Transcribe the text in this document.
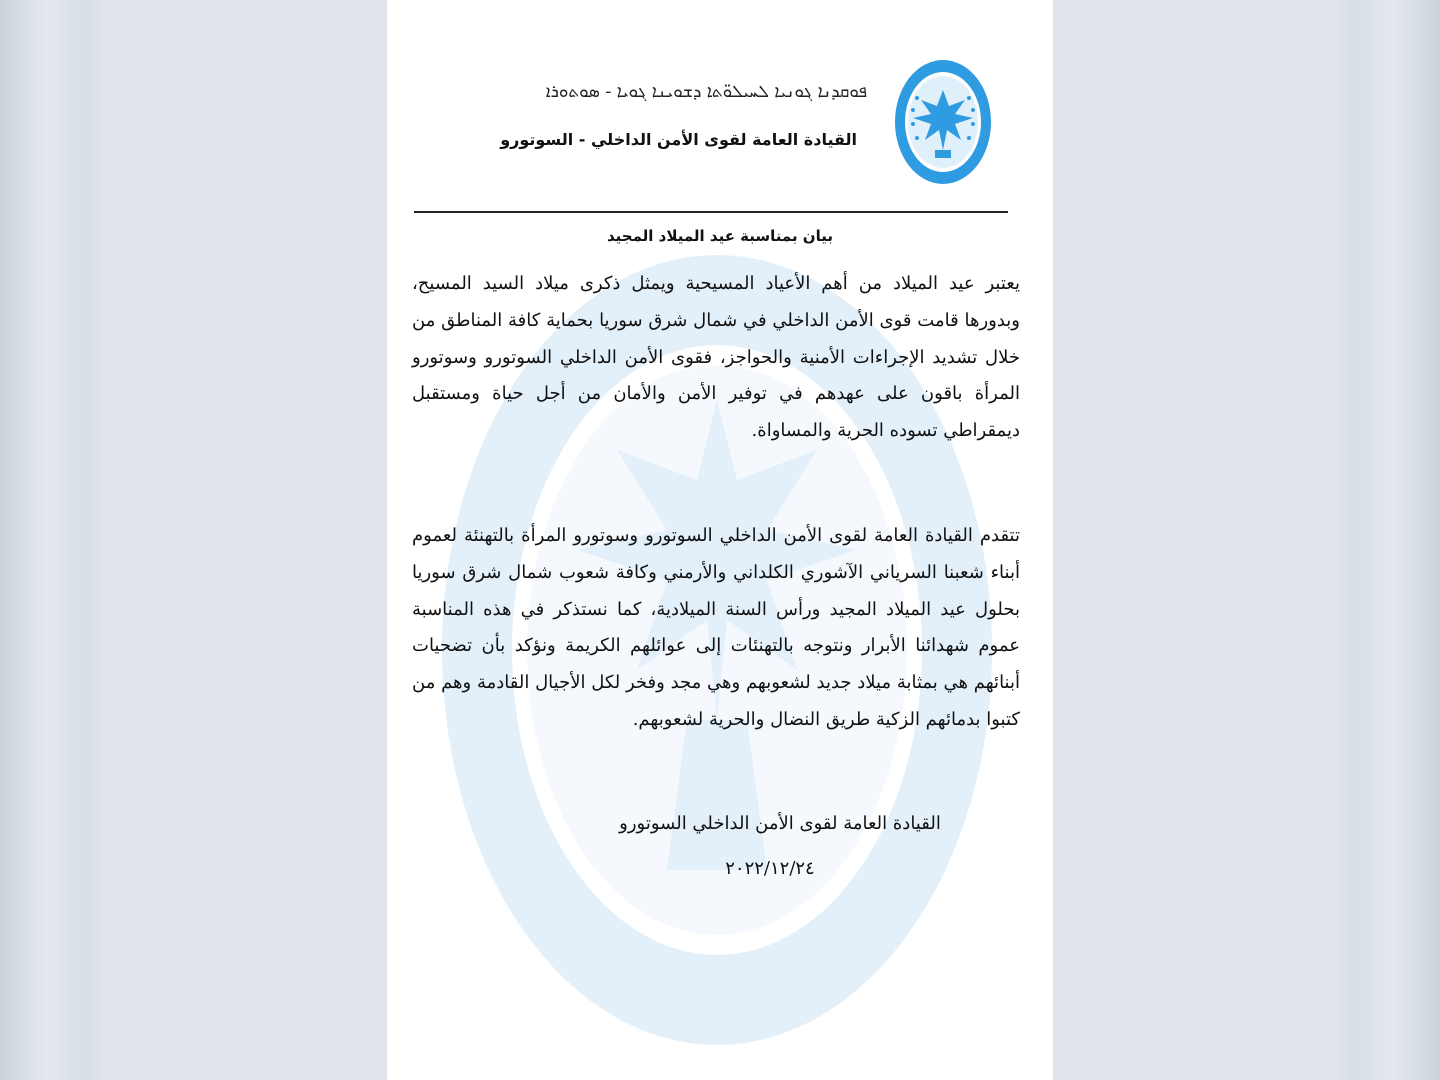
ܦܘܩܕܢܐ ܓܘܢܝܐ ܠܚܝܠܘ̈ܬܐ ܕܫܘܝܢܐ ܓܘܝܐ - ܣܘܬܘܪܐ
القيادة العامة لقوى الأمن الداخلي - السوتورو
بيان بمناسبة عيد الميلاد المجيد
يعتبر عيد الميلاد من أهم الأعياد المسيحية ويمثل ذكرى ميلاد السيد المسيح، وبدورها قامت قوى الأمن الداخلي في شمال شرق سوريا بحماية كافة المناطق من خلال تشديد الإجراءات الأمنية والحواجز، فقوى الأمن الداخلي السوتورو وسوتورو المرأة باقون على عهدهم في توفير الأمن والأمان من أجل حياة ومستقبل ديمقراطي تسوده الحرية والمساواة.
تتقدم القيادة العامة لقوى الأمن الداخلي السوتورو وسوتورو المرأة بالتهنئة لعموم أبناء شعبنا السرياني الآشوري الكلداني والأرمني وكافة شعوب شمال شرق سوريا بحلول عيد الميلاد المجيد ورأس السنة الميلادية، كما نستذكر في هذه المناسبة عموم شهدائنا الأبرار ونتوجه بالتهنئات إلى عوائلهم الكريمة ونؤكد بأن تضحيات أبنائهم هي بمثابة ميلاد جديد لشعوبهم وهي مجد وفخر لكل الأجيال القادمة وهم من كتبوا بدمائهم الزكية طريق النضال والحرية لشعوبهم.
القيادة العامة لقوى الأمن الداخلي السوتورو
٢٠٢٢/١٢/٢٤
